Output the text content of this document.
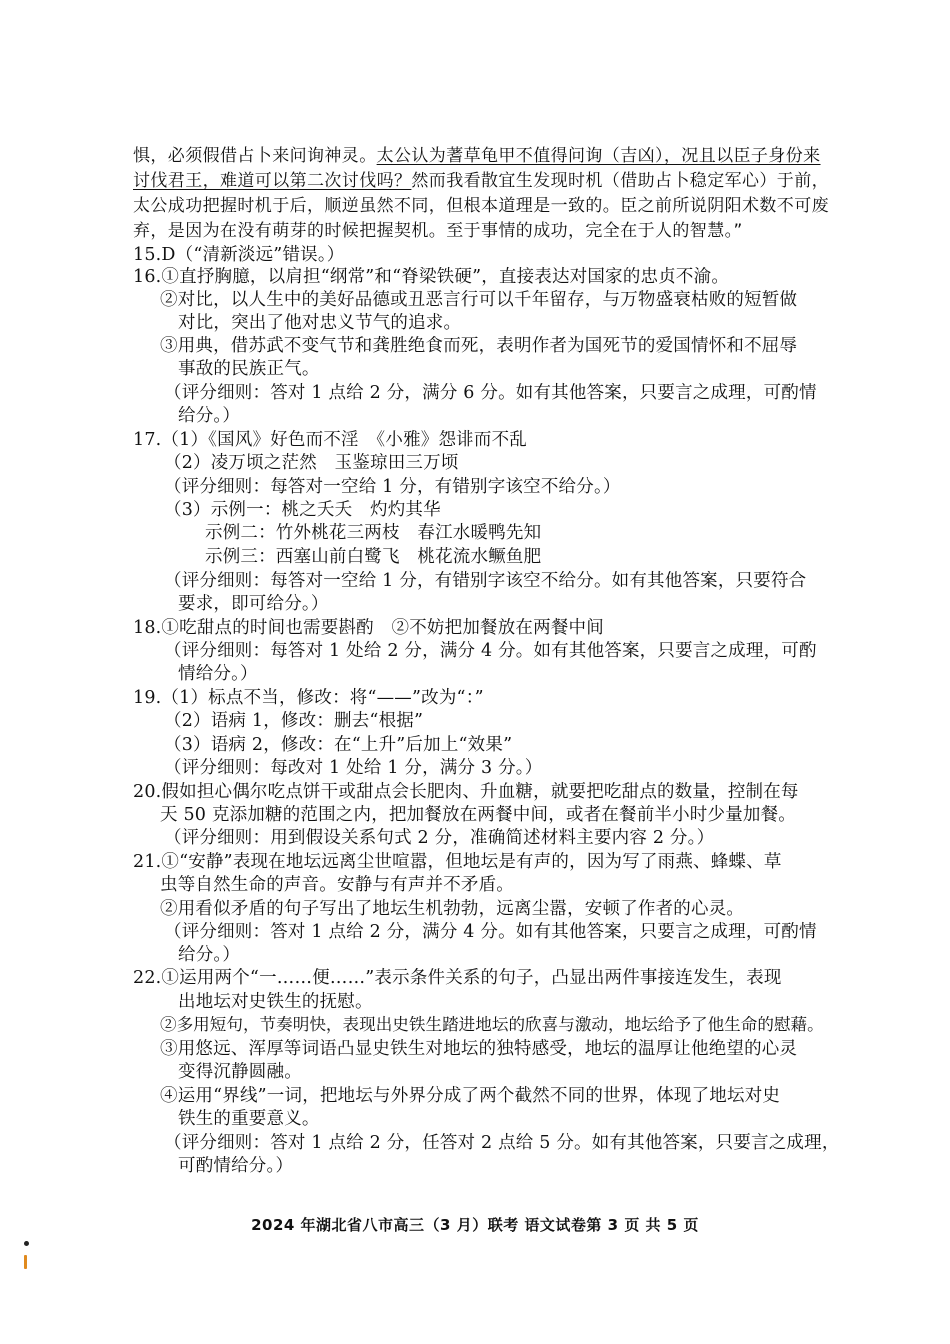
惧，必须假借占卜来问询神灵。太公认为蓍草龟甲不值得问询（吉凶），况且以臣子身份来
讨伐君王，难道可以第二次讨伐吗？然而我看散宜生发现时机（借助占卜稳定军心）于前，
太公成功把握时机于后，顺逆虽然不同，但根本道理是一致的。臣之前所说阴阳术数不可废
弃，是因为在没有萌芽的时候把握契机。至于事情的成功，完全在于人的智慧。”
15.D（“清新淡远”错误。）
16.①直抒胸臆，以肩担“纲常”和“脊梁铁硬”，直接表达对国家的忠贞不渝。
②对比，以人生中的美好品德或丑恶言行可以千年留存，与万物盛衰枯败的短暂做
对比，突出了他对忠义节气的追求。
③用典，借苏武不变气节和龚胜绝食而死，表明作者为国死节的爱国情怀和不屈辱
事敌的民族正气。
（评分细则：答对 1 点给 2 分，满分 6 分。如有其他答案，只要言之成理，可酌情
给分。）
17.（1）《国风》好色而不淫　《小雅》怨诽而不乱
（2）凌万顷之茫然　玉鉴琼田三万顷
（评分细则：每答对一空给 1 分，有错别字该空不给分。）
（3）示例一：桃之夭夭　灼灼其华
示例二：竹外桃花三两枝　春江水暖鸭先知
示例三：西塞山前白鹭飞　桃花流水鳜鱼肥
（评分细则：每答对一空给 1 分，有错别字该空不给分。如有其他答案，只要符合
要求，即可给分。）
18.①吃甜点的时间也需要斟酌　②不妨把加餐放在两餐中间
（评分细则：每答对 1 处给 2 分，满分 4 分。如有其他答案，只要言之成理，可酌
情给分。）
19.（1）标点不当，修改：将“——”改为“：”
（2）语病 1，修改：删去“根据”
（3）语病 2，修改：在“上升”后加上“效果”
（评分细则：每改对 1 处给 1 分，满分 3 分。）
20.假如担心偶尔吃点饼干或甜点会长肥肉、升血糖，就要把吃甜点的数量，控制在每
天 50 克添加糖的范围之内，把加餐放在两餐中间，或者在餐前半小时少量加餐。
（评分细则：用到假设关系句式 2 分，准确简述材料主要内容 2 分。）
21.①“安静”表现在地坛远离尘世喧嚣，但地坛是有声的，因为写了雨燕、蜂蝶、草
虫等自然生命的声音。安静与有声并不矛盾。
②用看似矛盾的句子写出了地坛生机勃勃，远离尘嚣，安顿了作者的心灵。
（评分细则：答对 1 点给 2 分，满分 4 分。如有其他答案，只要言之成理，可酌情
给分。）
22.①运用两个“一……便……”表示条件关系的句子，凸显出两件事接连发生，表现
出地坛对史铁生的抚慰。
②多用短句，节奏明快，表现出史铁生踏进地坛的欣喜与激动，地坛给予了他生命的慰藉。
③用悠远、浑厚等词语凸显史铁生对地坛的独特感受，地坛的温厚让他绝望的心灵
变得沉静圆融。
④运用“界线”一词，把地坛与外界分成了两个截然不同的世界，体现了地坛对史
铁生的重要意义。
（评分细则：答对 1 点给 2 分，任答对 2 点给 5 分。如有其他答案，只要言之成理，
可酌情给分。）
2024 年湖北省八市高三（3 月）联考 语文试卷第 3 页 共 5 页
